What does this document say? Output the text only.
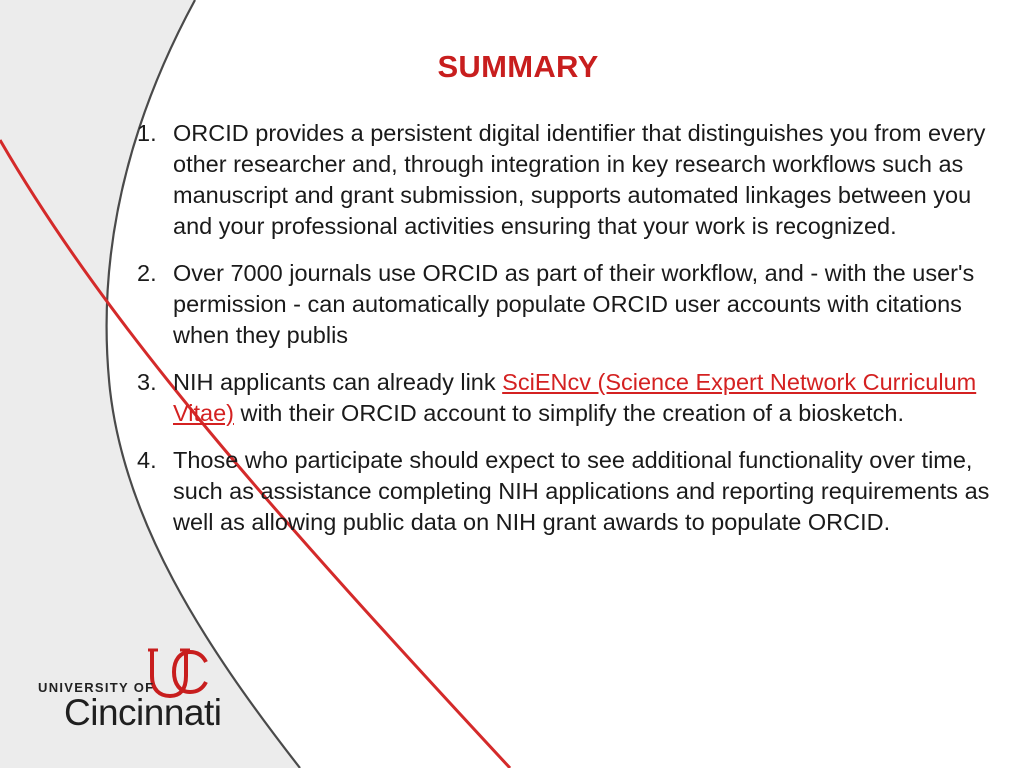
SUMMARY
1. ORCID provides a persistent digital identifier that distinguishes you from every other researcher and, through integration in key research workflows such as manuscript and grant submission, supports automated linkages between you and your professional activities ensuring that your work is recognized.
2. Over 7000 journals use ORCID as part of their workflow, and - with the user's permission - can automatically populate ORCID user accounts with citations when they publis
3. NIH applicants can already link SciENcv (Science Expert Network Curriculum Vitae) with their ORCID account to simplify the creation of a biosketch.
4. Those who participate should expect to see additional functionality over time, such as assistance completing NIH applications and reporting requirements as well as allowing public data on NIH grant awards to populate ORCID.
UNIVERSITY OF
Cincinnati
